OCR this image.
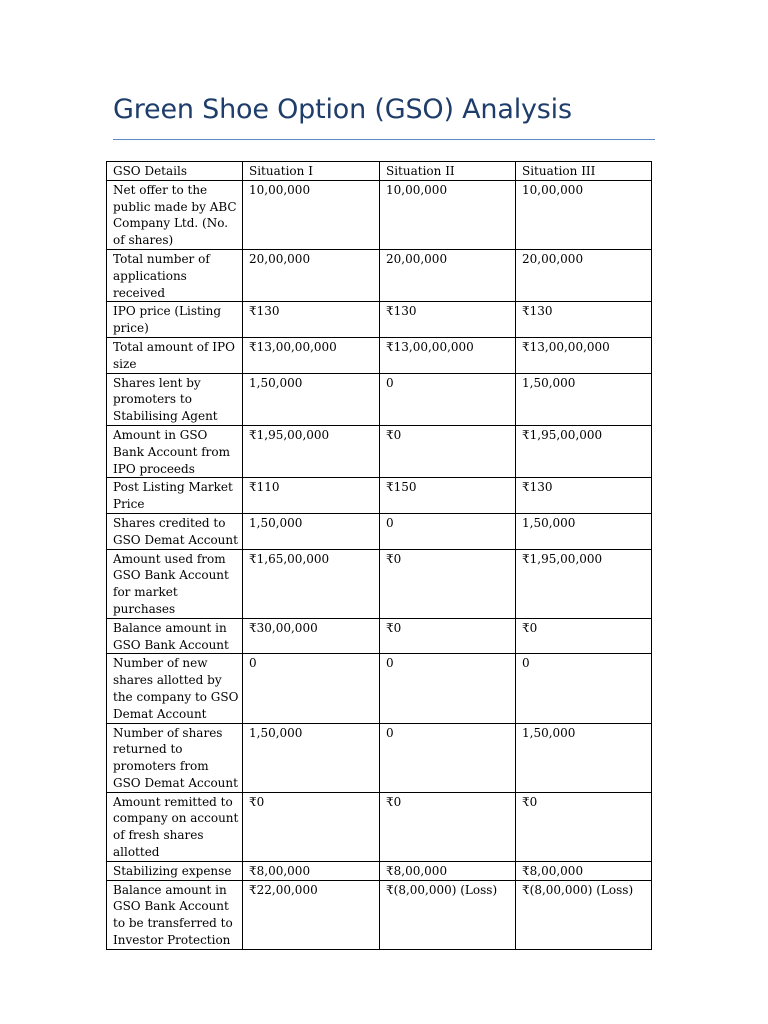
Green Shoe Option (GSO) Analysis
GSO Details	Situation I	Situation II	Situation III
Net offer to the public made by ABC Company Ltd. (No. of shares)	10,00,000	10,00,000	10,00,000
Total number of applications received	20,00,000	20,00,000	20,00,000
IPO price (Listing price)	₹130	₹130	₹130
Total amount of IPO size	₹13,00,00,000	₹13,00,00,000	₹13,00,00,000
Shares lent by promoters to Stabilising Agent	1,50,000	0	1,50,000
Amount in GSO Bank Account from IPO proceeds	₹1,95,00,000	₹0	₹1,95,00,000
Post Listing Market Price	₹110	₹150	₹130
Shares credited to GSO Demat Account	1,50,000	0	1,50,000
Amount used from GSO Bank Account for market purchases	₹1,65,00,000	₹0	₹1,95,00,000
Balance amount in GSO Bank Account	₹30,00,000	₹0	₹0
Number of new shares allotted by the company to GSO Demat Account	0	0	0
Number of shares returned to promoters from GSO Demat Account	1,50,000	0	1,50,000
Amount remitted to company on account of fresh shares allotted	₹0	₹0	₹0
Stabilizing expense	₹8,00,000	₹8,00,000	₹8,00,000
Balance amount in GSO Bank Account to be transferred to Investor Protection	₹22,00,000	₹(8,00,000) (Loss)	₹(8,00,000) (Loss)
